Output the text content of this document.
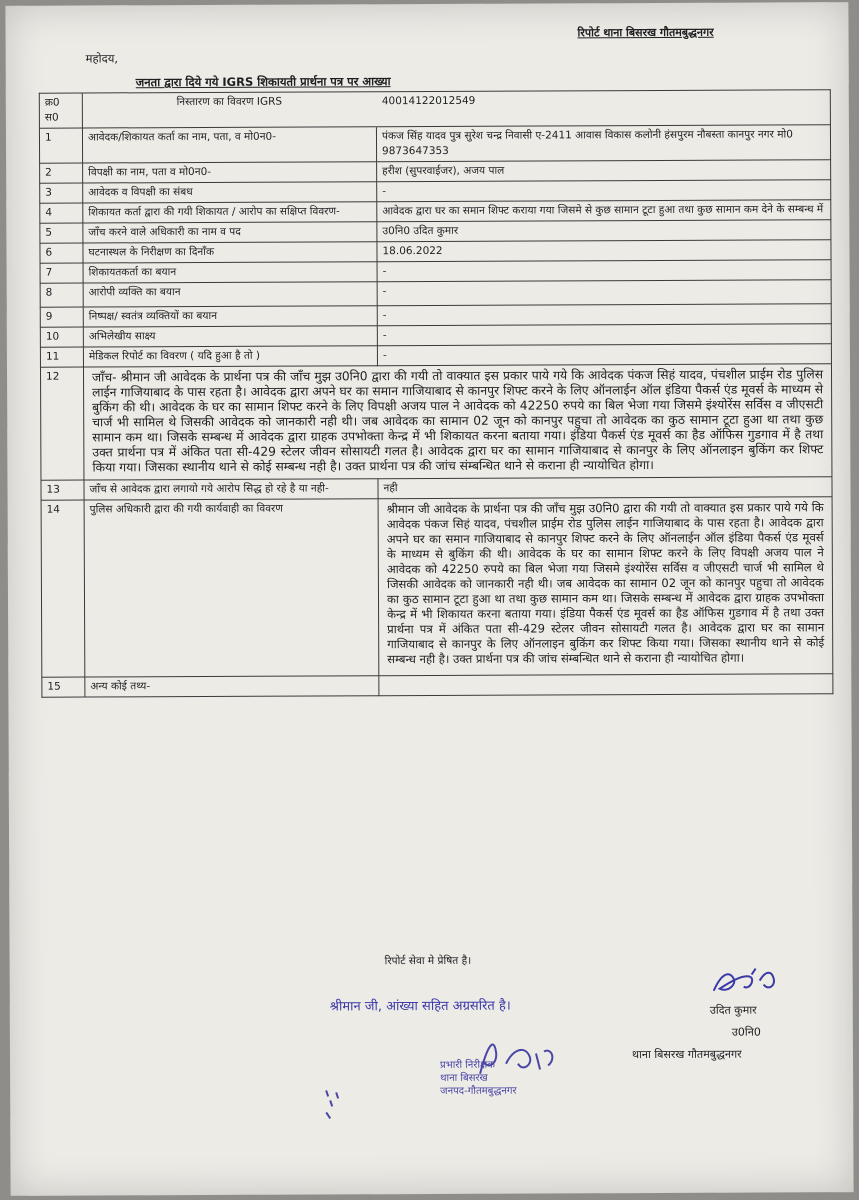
रिपोर्ट थाना बिसरख गौतमबुद्धनगर
महोदय,
जनता द्वारा दिये गये IGRS शिकायती प्रार्थना पत्र पर आख्या
क्र0
स0	निस्तारण का विवरण IGRS	40014122012549
1	आवेदक/शिकायत कर्ता का नाम, पता, व मो0न0-	पंकज सिंह यादव पुत्र सुरेश चन्द्र निवासी ए-2411 आवास विकास कलोनी हंसपुरम नौबस्ता कानपुर नगर मो0 9873647353
2	विपक्षी का नाम, पता व मो0न0-	हरीश (सुपरवाईजर), अजय पाल
3	आवेदक व विपक्षी का संबध	-
4	शिकायत कर्ता द्वारा की गयी शिकायत / आरोप का सक्षिप्त विवरण-	आवेदक द्वारा घर का समान शिफ्ट कराया गया जिसमे से कुछ सामान टूटा हुआ तथा कुछ सामान कम देने के सम्बन्ध में
5	जाँच करने वाले अधिकारी का नाम व पद	उ0नि0 उदित कुमार
6	घटनास्थल के निरीक्षण का दिनाँक	18.06.2022
7	शिकायतकर्ता का बयान	-
8	आरोपी व्यक्ति का बयान	-
9	निष्पक्ष/ स्वतंत्र व्यक्तियों का बयान	-
10	अभिलेखीय साक्ष्य	-
11	मेडिकल रिपोर्ट का विवरण ( यदि हुआ है तो )	-
12	जाँच- श्रीमान जी आवेदक के प्रार्थना पत्र की जाँच मुझ उ0नि0 द्वारा की गयी तो वाक्यात इस प्रकार पाये गये कि आवेदक पंकज सिहं यादव, पंचशील प्राईम रोड पुलिस लाईन गाजियाबाद के पास रहता है। आवेदक द्वारा अपने घर का समान गाजियाबाद से कानपुर शिफ्ट करने के लिए ऑनलाईन ऑल इंडिया पैकर्स एंड मूवर्स के माध्यम से बुकिंग की थी। आवेदक के घर का सामान शिफ्ट करने के लिए विपक्षी अजय पाल ने आवेदक को 42250 रुपये का बिल भेजा गया जिसमे इंश्योरेंस सर्विस व जीएसटी चार्ज भी सामिल थे जिसकी आवेदक को जानकारी नही थी। जब आवेदक का सामान 02 जून को कानपुर पहुचा तो आवेदक का कुठ सामान टूटा हुआ था तथा कुछ सामान कम था। जिसके सम्बन्ध में आवेदक द्वारा ग्राहक उपभोक्ता केन्द्र में भी शिकायत करना बताया गया। इंडिया पैकर्स एंड मूवर्स का हैड ऑफिस गुडगाव में है तथा उक्त प्रार्थना पत्र में अंकित पता सी-429 स्टेलर जीवन सोसायटी गलत है। आवेदक द्वारा घर का सामान गाजियाबाद से कानपुर के लिए ऑनलाइन बुकिंग कर शिफ्ट किया गया। जिसका स्थानीय थाने से कोई सम्बन्ध नही है। उक्त प्रार्थना पत्र की जांच संम्बन्धित थाने से कराना ही न्यायोचित होगा।	
13	जाँच से आवेदक द्वारा लगायो गये आरोप सिद्ध हो रहे है या नही-	नही
14	पुलिस अधिकारी द्वारा की गयी कार्यवाही का विवरण	श्रीमान जी आवेदक के प्रार्थना पत्र की जाँच मुझ उ0नि0 द्वारा की गयी तो वाक्यात इस प्रकार पाये गये कि आवेदक पंकज सिहं यादव, पंचशील प्राईम रोड पुलिस लाईन गाजियाबाद के पास रहता है। आवेदक द्वारा अपने घर का समान गाजियाबाद से कानपुर शिफ्ट करने के लिए ऑनलाईन ऑल इंडिया पैकर्स एंड मूवर्स के माध्यम से बुकिंग की थी। आवेदक के घर का सामान शिफ्ट करने के लिए विपक्षी अजय पाल ने आवेदक को 42250 रुपये का बिल भेजा गया जिसमे इंश्योरेंस सर्विस व जीएसटी चार्ज भी सामिल थे जिसकी आवेदक को जानकारी नही थी। जब आवेदक का सामान 02 जून को कानपुर पहुचा तो आवेदक का कुठ सामान टूटा हुआ था तथा कुछ सामान कम था। जिसके सम्बन्ध में आवेदक द्वारा ग्राहक उपभोक्ता केन्द्र में भी शिकायत करना बताया गया। इंडिया पैकर्स एंड मूवर्स का हैड ऑफिस गुडगाव में है तथा उक्त प्रार्थना पत्र में अंकित पता सी-429 स्टेलर जीवन सोसायटी गलत है। आवेदक द्वारा घर का सामान गाजियाबाद से कानपुर के लिए ऑनलाइन बुकिंग कर शिफ्ट किया गया। जिसका स्थानीय थाने से कोई सम्बन्ध नही है। उक्त प्रार्थना पत्र की जांच संम्बन्धित थाने से कराना ही न्यायोचित होगा।
15	अन्य कोई तथ्य-	
रिपोर्ट सेवा मे प्रेषित है।
उदित कुमार
उ0नि0
थाना बिसरख गौतमबुद्धनगर
श्रीमान जी, आंख्या सहित अग्रसरित है।
प्रभारी निरीक्षक
थाना बिसरख
जनपद-गौतमबुद्धनगर
